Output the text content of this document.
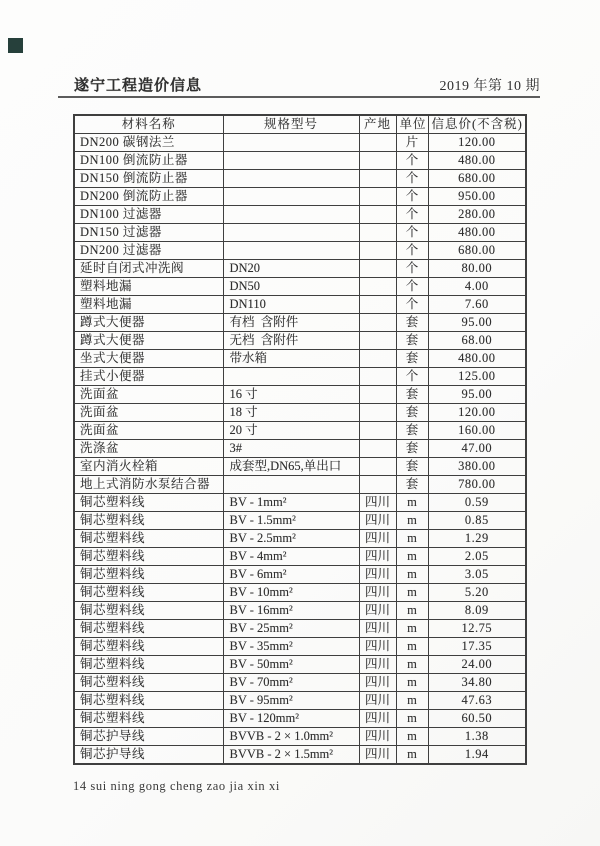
遂宁工程造价信息	2019 年第 10 期
材料名称	规格型号	产地	单位	信息价(不含税)
DN200 碳钢法兰			片	120.00
DN100 倒流防止器			个	480.00
DN150 倒流防止器			个	680.00
DN200 倒流防止器			个	950.00
DN100 过滤器			个	280.00
DN150 过滤器			个	480.00
DN200 过滤器			个	680.00
延时自闭式冲洗阀	DN20		个	80.00
塑料地漏	DN50		个	4.00
塑料地漏	DN110		个	7.60
蹲式大便器	有档  含附件		套	95.00
蹲式大便器	无档  含附件		套	68.00
坐式大便器	带水箱		套	480.00
挂式小便器			个	125.00
洗面盆	16 寸		套	95.00
洗面盆	18 寸		套	120.00
洗面盆	20 寸		套	160.00
洗涤盆	3#		套	47.00
室内消火栓箱	成套型,DN65,单出口		套	380.00
地上式消防水泵结合器			套	780.00
铜芯塑料线	BV - 1mm²	四川	m	0.59
铜芯塑料线	BV - 1.5mm²	四川	m	0.85
铜芯塑料线	BV - 2.5mm²	四川	m	1.29
铜芯塑料线	BV - 4mm²	四川	m	2.05
铜芯塑料线	BV - 6mm²	四川	m	3.05
铜芯塑料线	BV - 10mm²	四川	m	5.20
铜芯塑料线	BV - 16mm²	四川	m	8.09
铜芯塑料线	BV - 25mm²	四川	m	12.75
铜芯塑料线	BV - 35mm²	四川	m	17.35
铜芯塑料线	BV - 50mm²	四川	m	24.00
铜芯塑料线	BV - 70mm²	四川	m	34.80
铜芯塑料线	BV - 95mm²	四川	m	47.63
铜芯塑料线	BV - 120mm²	四川	m	60.50
铜芯护导线	BVVB - 2 × 1.0mm²	四川	m	1.38
铜芯护导线	BVVB - 2 × 1.5mm²	四川	m	1.94
14 sui ning gong cheng zao jia xin xi
